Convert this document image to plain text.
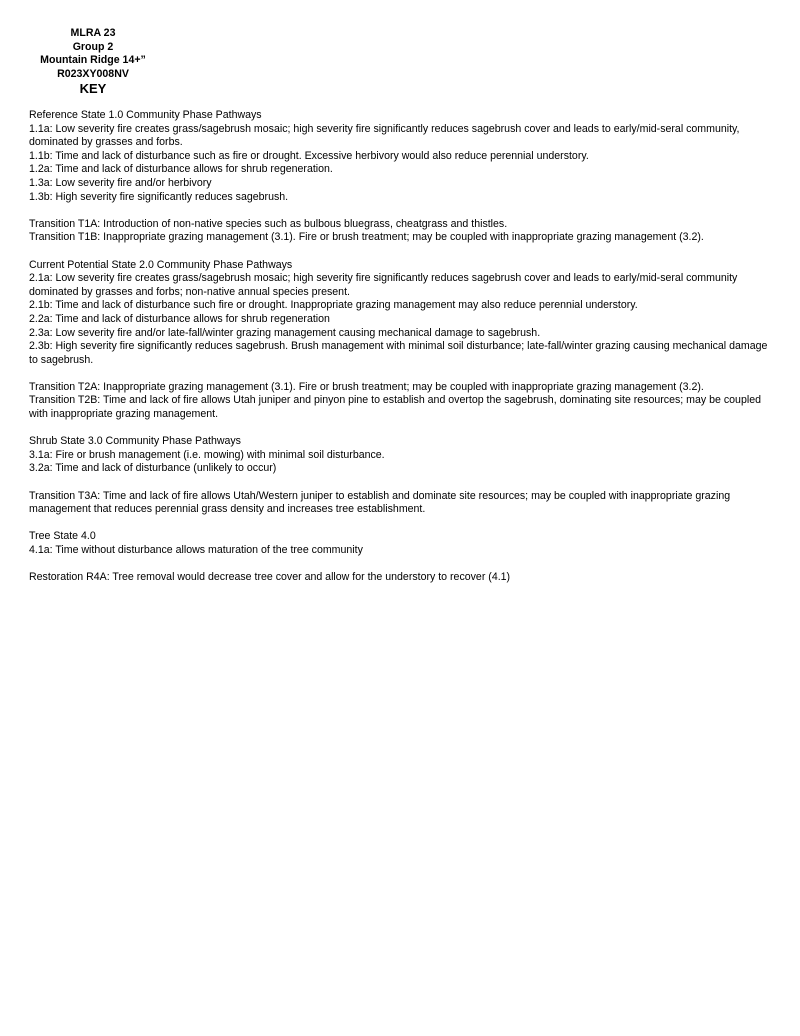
MLRA 23
Group 2
Mountain Ridge 14+”
R023XY008NV
KEY
Reference State 1.0 Community Phase Pathways
1.1a: Low severity fire creates grass/sagebrush mosaic; high severity fire significantly reduces sagebrush cover and leads to early/mid-seral community, dominated by grasses and forbs.
1.1b: Time and lack of disturbance such as fire or drought. Excessive herbivory would also reduce perennial understory.
1.2a: Time and lack of disturbance allows for shrub regeneration.
1.3a: Low severity fire and/or herbivory
1.3b: High severity fire significantly reduces sagebrush.
Transition T1A: Introduction of non-native species such as bulbous bluegrass, cheatgrass and thistles.
Transition T1B: Inappropriate grazing management (3.1). Fire or brush treatment; may be coupled with inappropriate grazing management (3.2).
Current Potential State 2.0 Community Phase Pathways
2.1a: Low severity fire creates grass/sagebrush mosaic; high severity fire significantly reduces sagebrush cover and leads to early/mid-seral community dominated by grasses and forbs; non-native annual species present.
2.1b: Time and lack of disturbance such fire or drought. Inappropriate grazing management may also reduce perennial understory.
2.2a: Time and lack of disturbance allows for shrub regeneration
2.3a: Low severity fire and/or late-fall/winter grazing management causing mechanical damage to sagebrush.
2.3b: High severity fire significantly reduces sagebrush. Brush management with minimal soil disturbance; late-fall/winter grazing causing mechanical damage to sagebrush.
Transition T2A: Inappropriate grazing management (3.1). Fire or brush treatment; may be coupled with inappropriate grazing management (3.2).
Transition T2B: Time and lack of fire allows Utah juniper and pinyon pine to establish and overtop the sagebrush, dominating site resources; may be coupled with inappropriate grazing management.
Shrub State 3.0 Community Phase Pathways
3.1a: Fire or brush management (i.e. mowing) with minimal soil disturbance.
3.2a: Time and lack of disturbance (unlikely to occur)
Transition T3A: Time and lack of fire allows Utah/Western juniper to establish and dominate site resources; may be coupled with inappropriate grazing management that reduces perennial grass density and increases tree establishment.
Tree State 4.0
4.1a: Time without disturbance allows maturation of the tree community
Restoration R4A: Tree removal would decrease tree cover and allow for the understory to recover (4.1)
